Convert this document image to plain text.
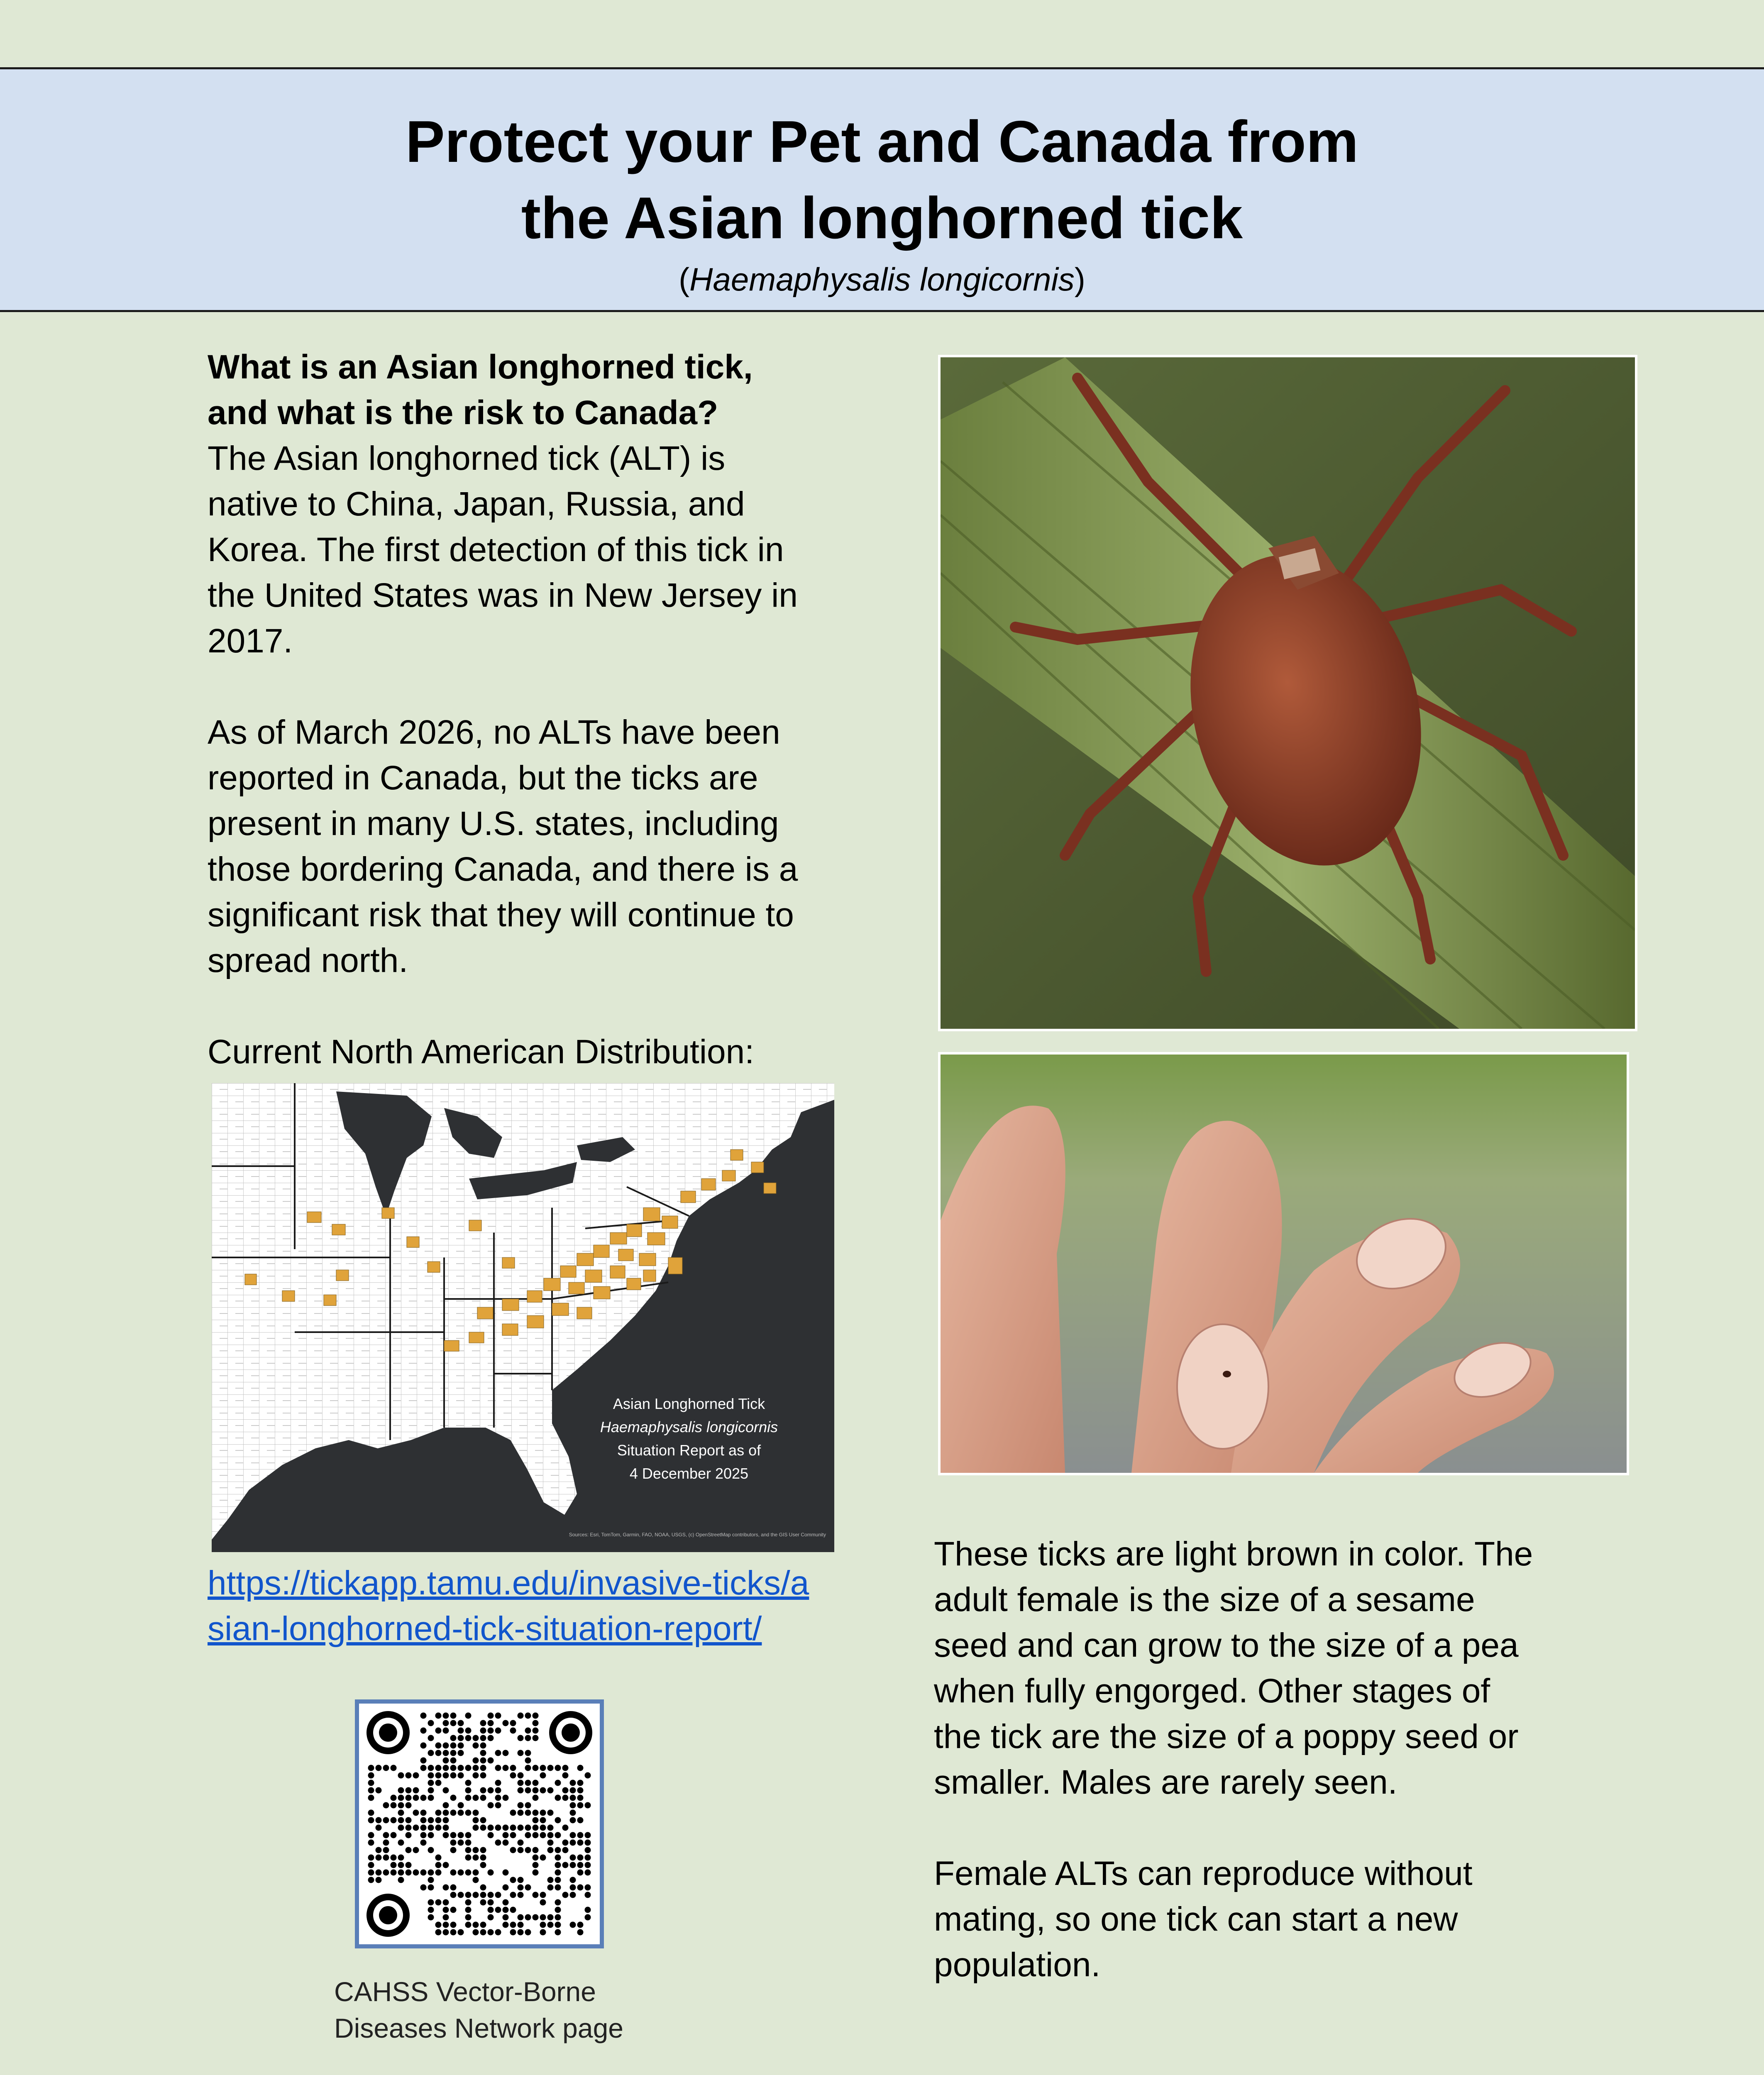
Protect your Pet and Canada from
the Asian longhorned tick
(Haemaphysalis longicornis)
What is an Asian longhorned tick,
and what is the risk to Canada?
The Asian longhorned tick (ALT) is
native to China, Japan, Russia, and
Korea. The first detection of this tick in
the United States was in New Jersey in
2017.
As of March 2026, no ALTs have been
reported in Canada, but the ticks are
present in many U.S. states, including
those bordering Canada, and there is a
significant risk that they will continue to
spread north.
Current North American Distribution:
Asian Longhorned Tick
Haemaphysalis longicornis
Situation Report as of
4 December 2025
Sources: Esri, TomTom, Garmin, FAO, NOAA, USGS, (c) OpenStreetMap contributors, and the GIS User Community
https://tickapp.tamu.edu/invasive-ticks/a
sian-longhorned-tick-situation-report/
CAHSS Vector-Borne
Diseases Network page
These ticks are light brown in color. The
adult female is the size of a sesame
seed and can grow to the size of a pea
when fully engorged. Other stages of
the tick are the size of a poppy seed or
smaller. Males are rarely seen.
Female ALTs can reproduce without
mating, so one tick can start a new
population.
